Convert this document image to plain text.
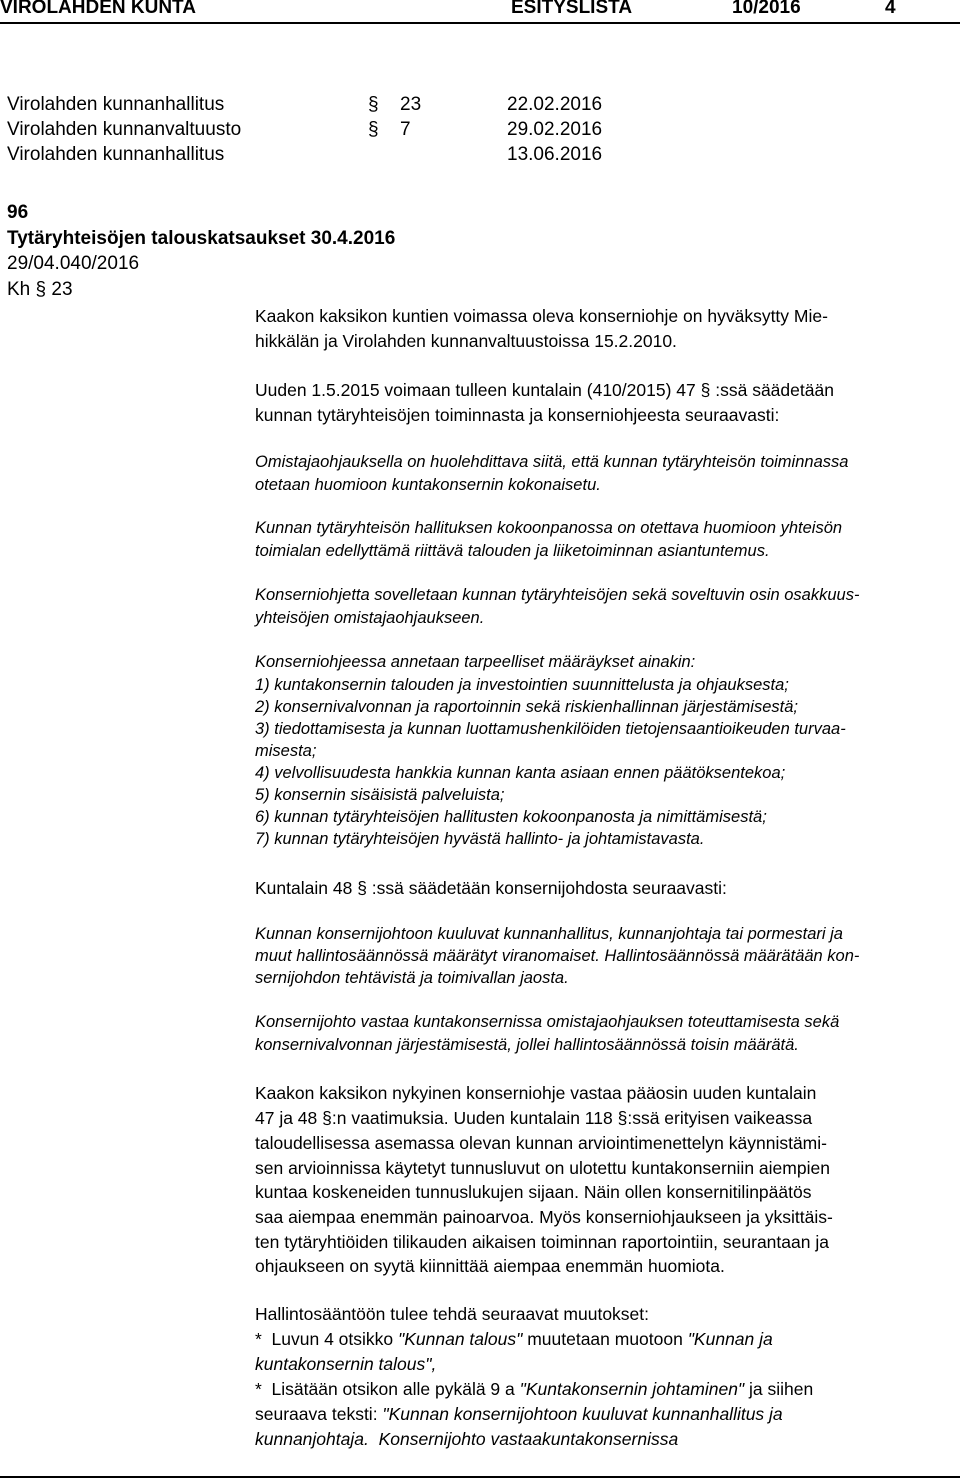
VIROLAHDEN KUNTA	ESITYSLISTA	10/2016	4
Virolahden kunnanhallitus	§ 23	22.02.2016
Virolahden kunnanvaltuusto	§ 7	29.02.2016
Virolahden kunnanhallitus	13.06.2016
96
Tytäryhteisöjen talouskatsaukset 30.4.2016
29/04.040/2016
Kh § 23
Kaakon kaksikon kuntien voimassa oleva konserniohje on hyväksytty Mie-
hikkälän ja Virolahden kunnanvaltuustoissa 15.2.2010.
Uuden 1.5.2015 voimaan tulleen kuntalain (410/2015) 47 § :ssä säädetään
kunnan tytäryhteisöjen toiminnasta ja konserniohjeesta seuraavasti:
Omistajaohjauksella on huolehdittava siitä, että kunnan tytäryhteisön toiminnassa
otetaan huomioon kuntakonsernin kokonaisetu.
Kunnan tytäryhteisön hallituksen kokoonpanossa on otettava huomioon yhteisön
toimialan edellyttämä riittävä talouden ja liiketoiminnan asiantuntemus.
Konserniohjetta sovelletaan kunnan tytäryhteisöjen sekä soveltuvin osin osakkuus-
yhteisöjen omistajaohjaukseen.
Konserniohjeessa annetaan tarpeelliset määräykset ainakin:
1) kuntakonsernin talouden ja investointien suunnittelusta ja ohjauksesta;
2) konsernivalvonnan ja raportoinnin sekä riskienhallinnan järjestämisestä;
3) tiedottamisesta ja kunnan luottamushenkilöiden tietojensaantioikeuden turvaa-
misesta;
4) velvollisuudesta hankkia kunnan kanta asiaan ennen päätöksentekoa;
5) konsernin sisäisistä palveluista;
6) kunnan tytäryhteisöjen hallitusten kokoonpanosta ja nimittämisestä;
7) kunnan tytäryhteisöjen hyvästä hallinto- ja johtamistavasta.
Kuntalain 48 § :ssä säädetään konsernijohdosta seuraavasti:
Kunnan konsernijohtoon kuuluvat kunnanhallitus, kunnanjohtaja tai pormestari ja
muut hallintosäännössä määrätyt viranomaiset. Hallintosäännössä määrätään kon-
sernijohdon tehtävistä ja toimivallan jaosta.
Konsernijohto vastaa kuntakonsernissa omistajaohjauksen toteuttamisesta sekä
konsernivalvonnan järjestämisestä, jollei hallintosäännössä toisin määrätä.
Kaakon kaksikon nykyinen konserniohje vastaa pääosin uuden kuntalain
47 ja 48 §:n vaatimuksia. Uuden kuntalain 118 §:ssä erityisen vaikeassa
taloudellisessa asemassa olevan kunnan arviointimenettelyn käynnistämi-
sen arvioinnissa käytetyt tunnusluvut on ulotettu kuntakonserniin aiempien
kuntaa koskeneiden tunnuslukujen sijaan. Näin ollen konsernitilinpäätös
saa aiempaa enemmän painoarvoa. Myös konserniohjaukseen ja yksittäis-
ten tytäryhtiöiden tilikauden aikaisen toiminnan raportointiin, seurantaan ja
ohjaukseen on syytä kiinnittää aiempaa enemmän huomiota.
Hallintosääntöön tulee tehdä seuraavat muutokset:
*  Luvun 4 otsikko "Kunnan talous" muutetaan muotoon "Kunnan ja
kuntakonsernin talous",
*  Lisätään otsikon alle pykälä 9 a "Kuntakonsernin johtaminen" ja siihen
seuraava teksti: "Kunnan konsernijohtoon kuuluvat kunnanhallitus ja
kunnanjohtaja.  Konsernijohto vastaakuntakonsernissa
